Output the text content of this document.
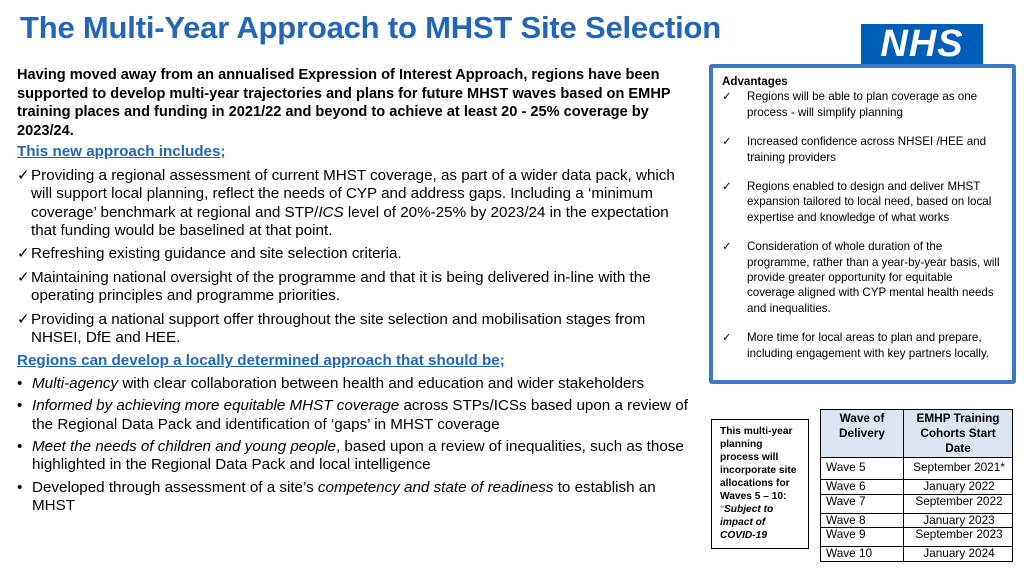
The Multi-Year Approach to MHST Site Selection	NHS

Having moved away from an annualised Expression of Interest Approach, regions have been supported to develop multi-year trajectories and plans for future MHST waves based on EMHP training places and funding in 2021/22 and beyond to achieve at least 20 - 25% coverage by 2023/24.

This new approach includes;

✓ Providing a regional assessment of current MHST coverage, as part of a wider data pack, which will support local planning, reflect the needs of CYP and address gaps. Including a ‘minimum coverage’ benchmark at regional and STP/ICS level of 20%-25% by 2023/24 in the expectation that funding would be baselined at that point.
✓ Refreshing existing guidance and site selection criteria.
✓ Maintaining national oversight of the programme and that it is being delivered in-line with the operating principles and programme priorities.
✓ Providing a national support offer throughout the site selection and mobilisation stages from NHSEI, DfE and HEE.

Regions can develop a locally determined approach that should be;

• Multi-agency with clear collaboration between health and education and wider stakeholders
• Informed by achieving more equitable MHST coverage across STPs/ICSs based upon a review of the Regional Data Pack and identification of ‘gaps’ in MHST coverage
• Meet the needs of children and young people, based upon a review of inequalities, such as those highlighted in the Regional Data Pack and local intelligence
• Developed through assessment of a site’s competency and state of readiness to establish an MHST
Advantages
✓	Regions will be able to plan coverage as one process - will simplify planning
✓	Increased confidence across NHSEI /HEE and training providers
✓	Regions enabled to design and deliver MHST expansion tailored to local need, based on local expertise and knowledge of what works
✓	Consideration of whole duration of the programme, rather than a year-by-year basis, will provide greater opportunity for equitable coverage aligned with CYP mental health needs and inequalities.
✓	More time for local areas to plan and prepare, including engagement with key partners locally.
This multi-year planning process will incorporate site allocations for Waves 5 – 10:
*Subject to impact of COVID-19
Wave of Delivery	EMHP Training Cohorts Start Date
Wave 5	September 2021*
Wave 6	January 2022
Wave 7	September 2022
Wave 8	January 2023
Wave 9	September 2023
Wave 10	January 2024
